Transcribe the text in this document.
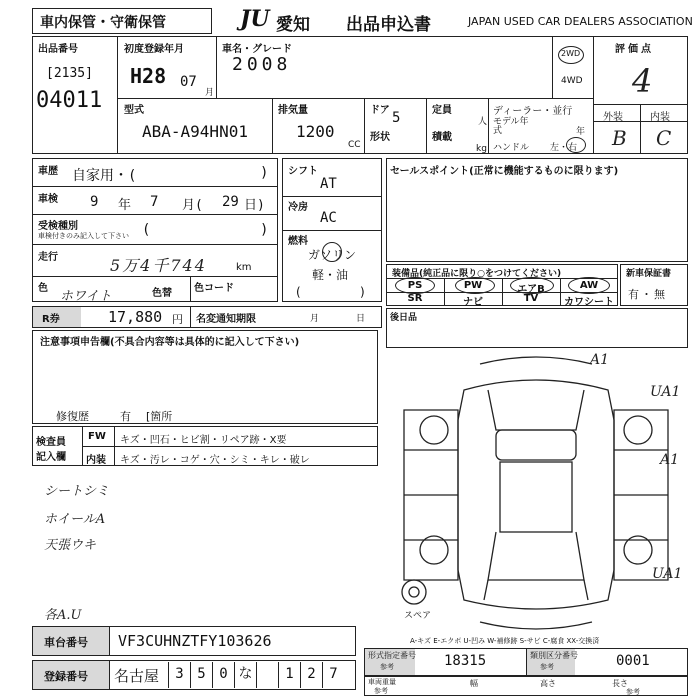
車内保管・守衛保管	JU 愛知 出品申込書	JAPAN USED CAR DEALERS ASSOCIATION
出品番号
[2135]
04011
初度登録年月
H28 07
月
車名・グレード
2008
2WD
4WD
評価点
4
外装	内装
B C
型式
ABA-A94HN01
排気量
1200
CC
ドア 5
形状
定員
人
積載
kg
ディーラー・並行
モデル年式	年
ハンドル 左・右
車歴 自家用・(	)
車検 9 年 7 月( 29 日)
受検種別
車検付きのみ記入して下さい (	)
走行	5万4千744	km
色
ホワイト	色替 色コード
シフト
AT
冷房
AC
燃料
ガソリン
軽・油
(	)
セールスポイント(正常に機能するものに限ります)
装備品(純正品に限り○をつけてください)
PS	PW	エアB	AW
SR	ナビ	TV	カワシート
新車保証書
有・無
R券	17,880 円 名変通知期限	月	日	後日品
注意事項申告欄(不具合内容等は具体的に記入して下さい)
修復歴	有 [箇所
検査員
記入欄
FW キズ・凹石・ヒビ割・リペア跡・X要
内装 キズ・汚レ・コゲ・穴・シミ・キレ・破レ
シートシミ
ホイールA
天張ウキ
各A.U	スペア
A1
UA1
A1
UA1
A-キズ E-エクボ U-凹み W-補修跡 S-サビ C-腐食 XX-交換済
車台番号 VF3CUHNZTFY103626
登録番号 名古屋	3 5 0 な	1 2 7
形式指定番号
参考	18315	類別区分番号
参考	0001
車両重量
参考
幅	高さ	長さ
参考
